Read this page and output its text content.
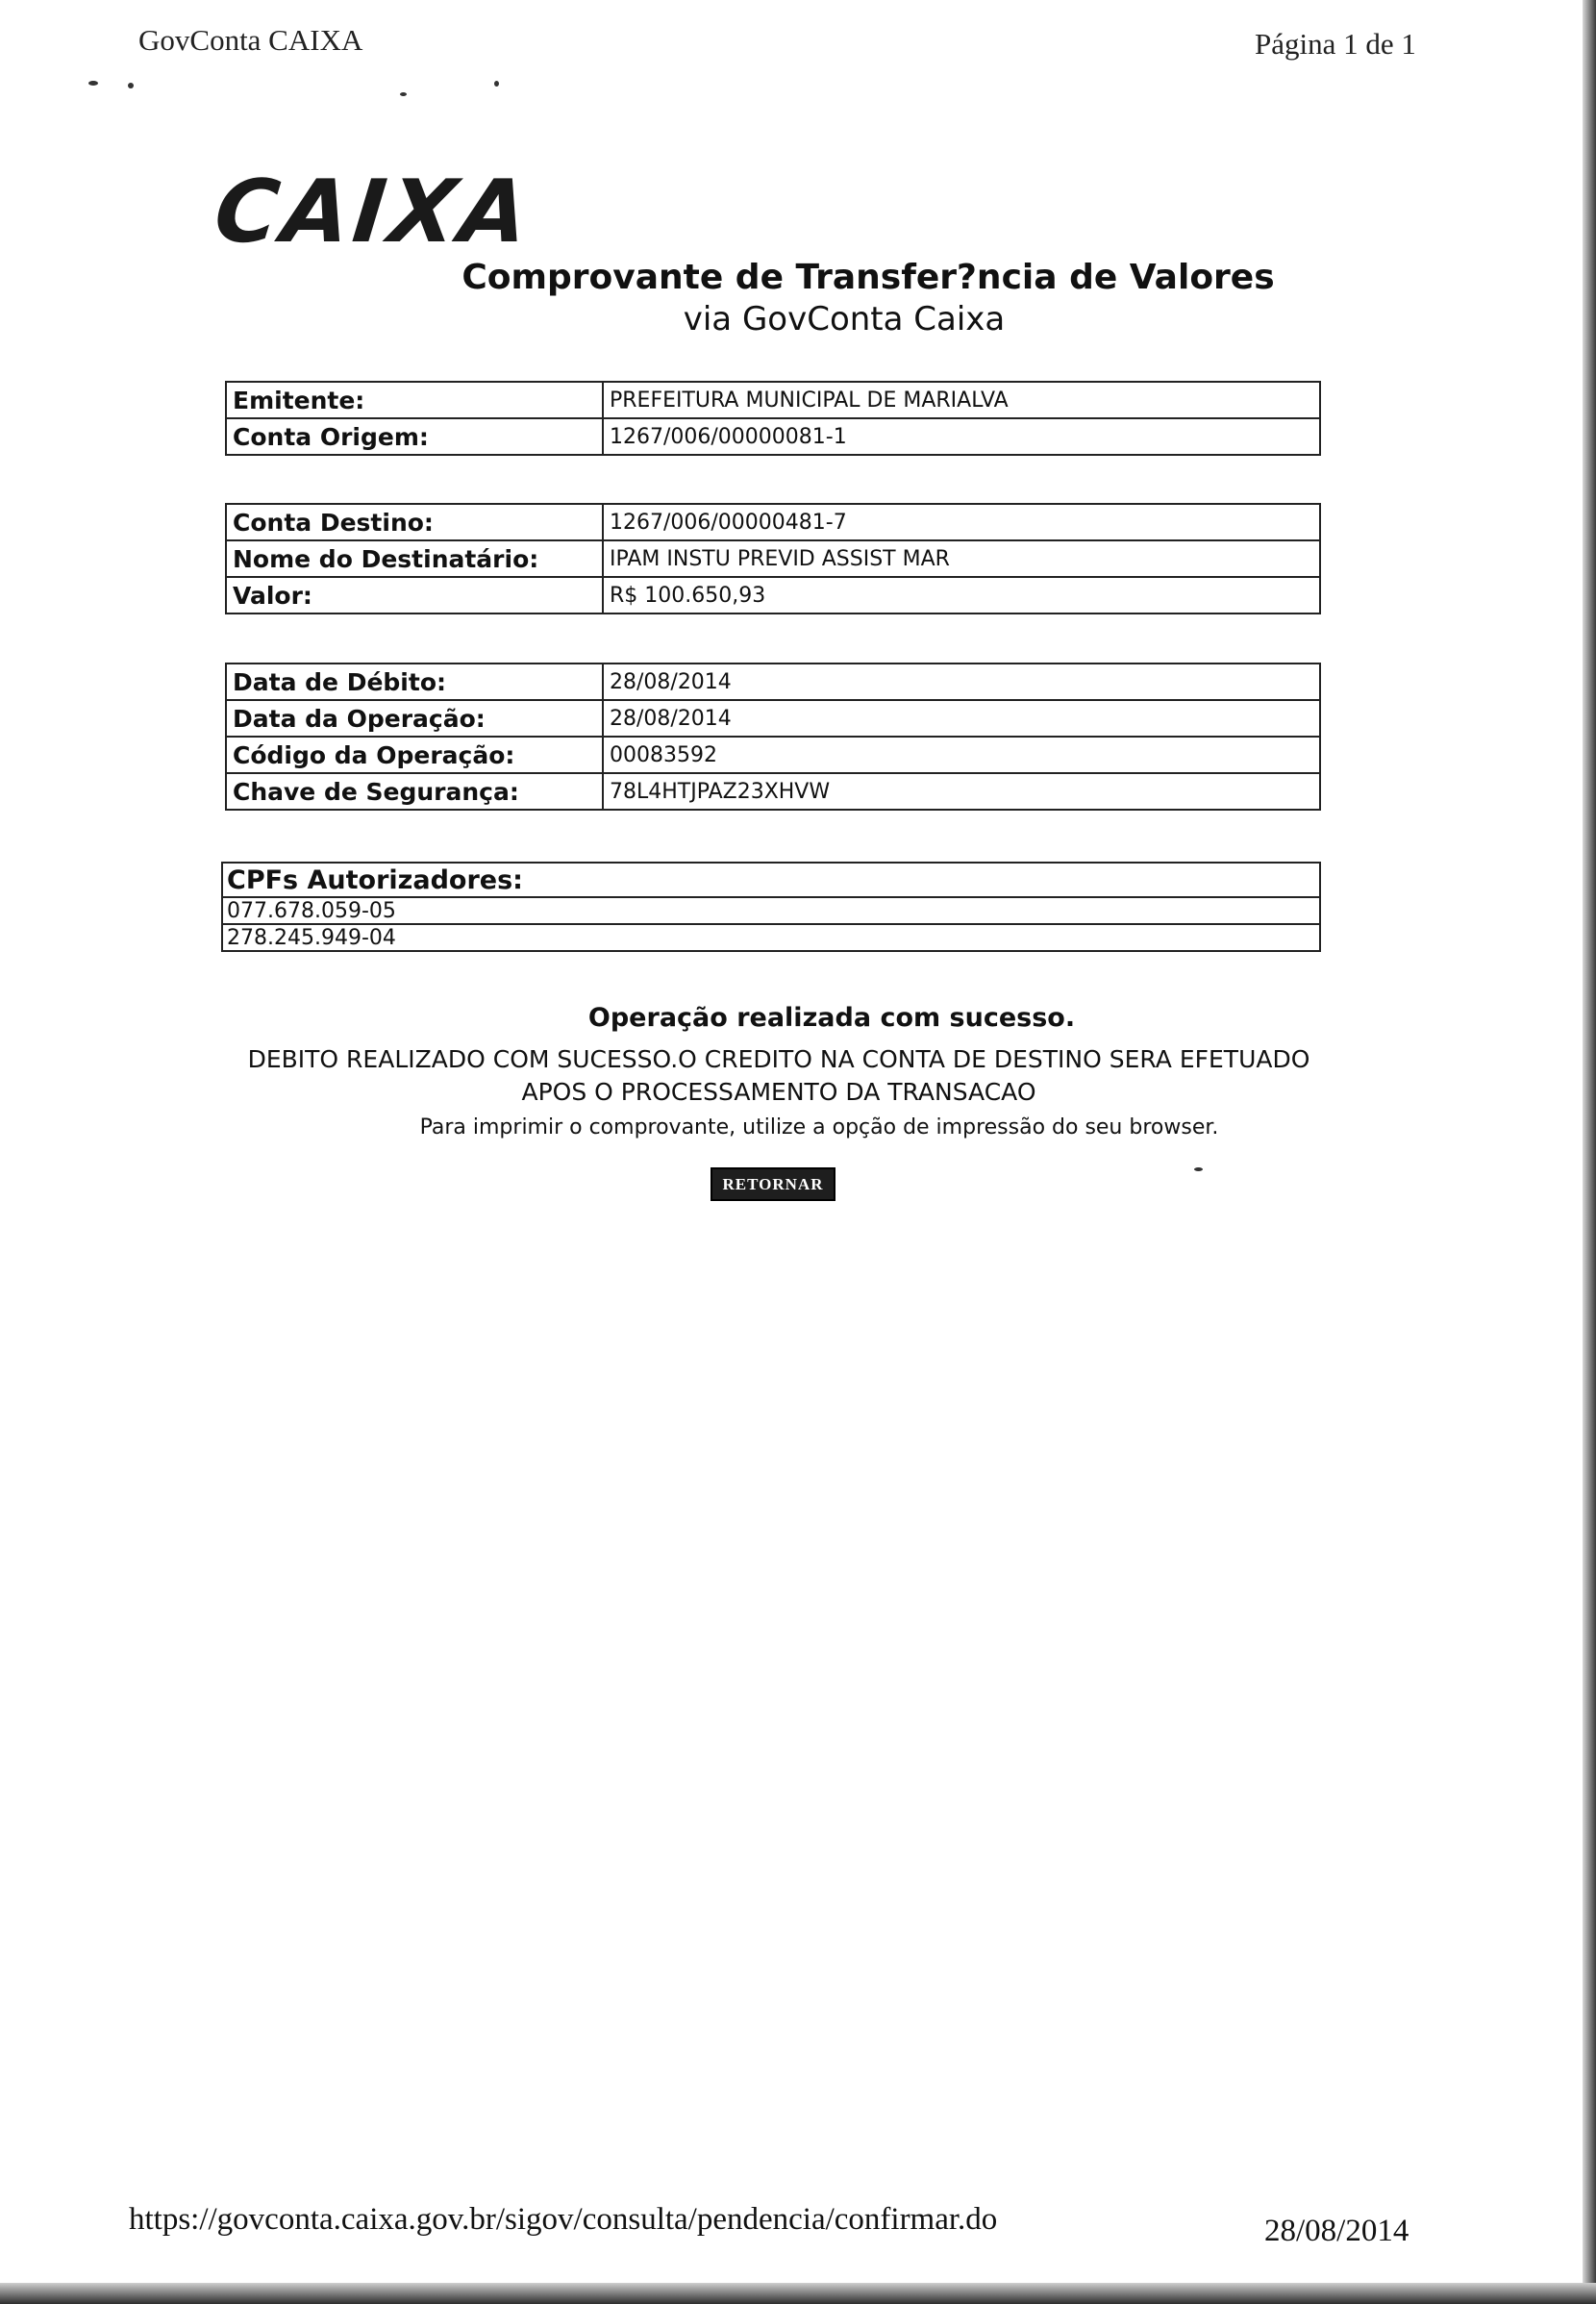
GovConta CAIXA	Página 1 de 1
CAIXA
Comprovante de Transfer?ncia de Valores
via GovConta Caixa
Emitente:	PREFEITURA MUNICIPAL DE MARIALVA
Conta Origem:	1267/006/00000081-1
Conta Destino:	1267/006/00000481-7
Nome do Destinatário:	IPAM INSTU PREVID ASSIST MAR
Valor:	R$ 100.650,93
Data de Débito:	28/08/2014
Data da Operação:	28/08/2014
Código da Operação:	00083592
Chave de Segurança:	78L4HTJPAZ23XHVW
CPFs Autorizadores:
077.678.059-05
278.245.949-04
Operação realizada com sucesso.
DEBITO REALIZADO COM SUCESSO.O CREDITO NA CONTA DE DESTINO SERA EFETUADO
APOS O PROCESSAMENTO DA TRANSACAO
Para imprimir o comprovante, utilize a opção de impressão do seu browser.
RETORNAR
https://govconta.caixa.gov.br/sigov/consulta/pendencia/confirmar.do	28/08/2014
